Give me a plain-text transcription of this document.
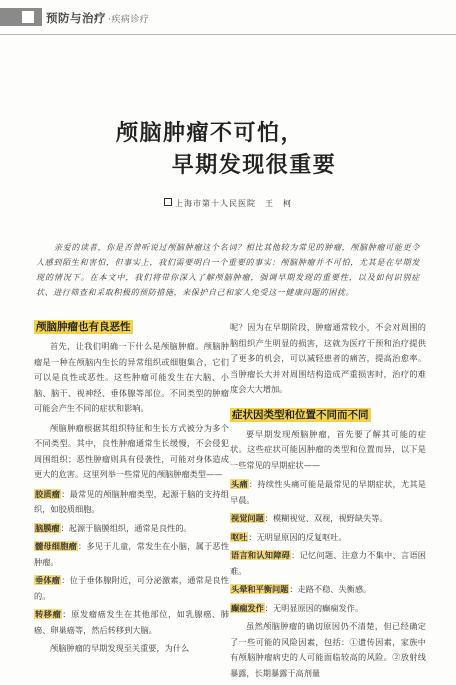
预防与治疗 ·疾病诊疗
颅脑肿瘤不可怕，
早期发现很重要
上海市第十人民医院　王　柯
亲爱的读者，你是否曾听说过颅脑肿瘤这个名词？相比其他较为常见的肿瘤，颅脑肿瘤可能更令人感到陌生和害怕，但事实上，我们需要明白一个重要的事实：颅脑肿瘤并不可怕，尤其是在早期发现的情况下。在本文中，我们将带你深入了解颅脑肿瘤，强调早期发现的重要性，以及如何识别症状、进行筛查和采取积极的预防措施，来保护自己和家人免受这一健康问题的困扰。
颅脑肿瘤也有良恶性

首先，让我们明确一下什么是颅脑肿瘤。颅脑肿瘤是一种在颅脑内生长的异常组织或细胞集合，它们可以是良性或恶性。这些肿瘤可能发生在大脑、小脑、脑干、视神经、垂体腺等部位。不同类型的肿瘤可能会产生不同的症状和影响。

颅脑肿瘤根据其组织特征和生长方式被分为多个不同类型。其中，良性肿瘤通常生长缓慢，不会侵犯周围组织；恶性肿瘤则具有侵袭性，可能对身体造成更大的危害。这里列举一些常见的颅脑肿瘤类型——

胶质瘤：最常见的颅脑肿瘤类型，起源于脑的支持组织，如胶质细胞。

脑膜瘤：起源于脑膜组织，通常是良性的。

髓母细胞瘤：多见于儿童，常发生在小脑，属于恶性肿瘤。

垂体瘤：位于垂体腺附近，可分泌激素，通常是良性的。

转移瘤：原发瘤癌发生在其他部位，如乳腺癌、肺癌、卵巢癌等，然后转移到大脑。

颅脑肿瘤的早期发现至关重要，为什么

呢？因为在早期阶段，肿瘤通常较小，不会对周围的脑组织产生明显的损害，这就为医疗干预和治疗提供了更多的机会，可以减轻患者的痛苦，提高治愈率。当肿瘤长大并对周围结构造成严重损害时，治疗的难度会大大增加。

症状因类型和位置不同而不同

要早期发现颅脑肿瘤，首先要了解其可能的症状。这些症状可能因肿瘤的类型和位置而异，以下是一些常见的早期症状——

头痛：持续性头痛可能是最常见的早期症状，尤其是早晨。

视觉问题：模糊视觉、双视，视野缺失等。

呕吐：无明显原因的反复呕吐。

语言和认知障碍：记忆问题、注意力不集中、言语困难。

头晕和平衡问题：走路不稳、失衡感。

癫痫发作：无明显原因的癫痫发作。

虽然颅脑肿瘤的确切原因仍不清楚，但已经确定了一些可能的风险因素，包括：①遗传因素，家族中有颅脑肿瘤病史的人可能面临较高的风险。②放射线暴露，长期暴露于高剂量
